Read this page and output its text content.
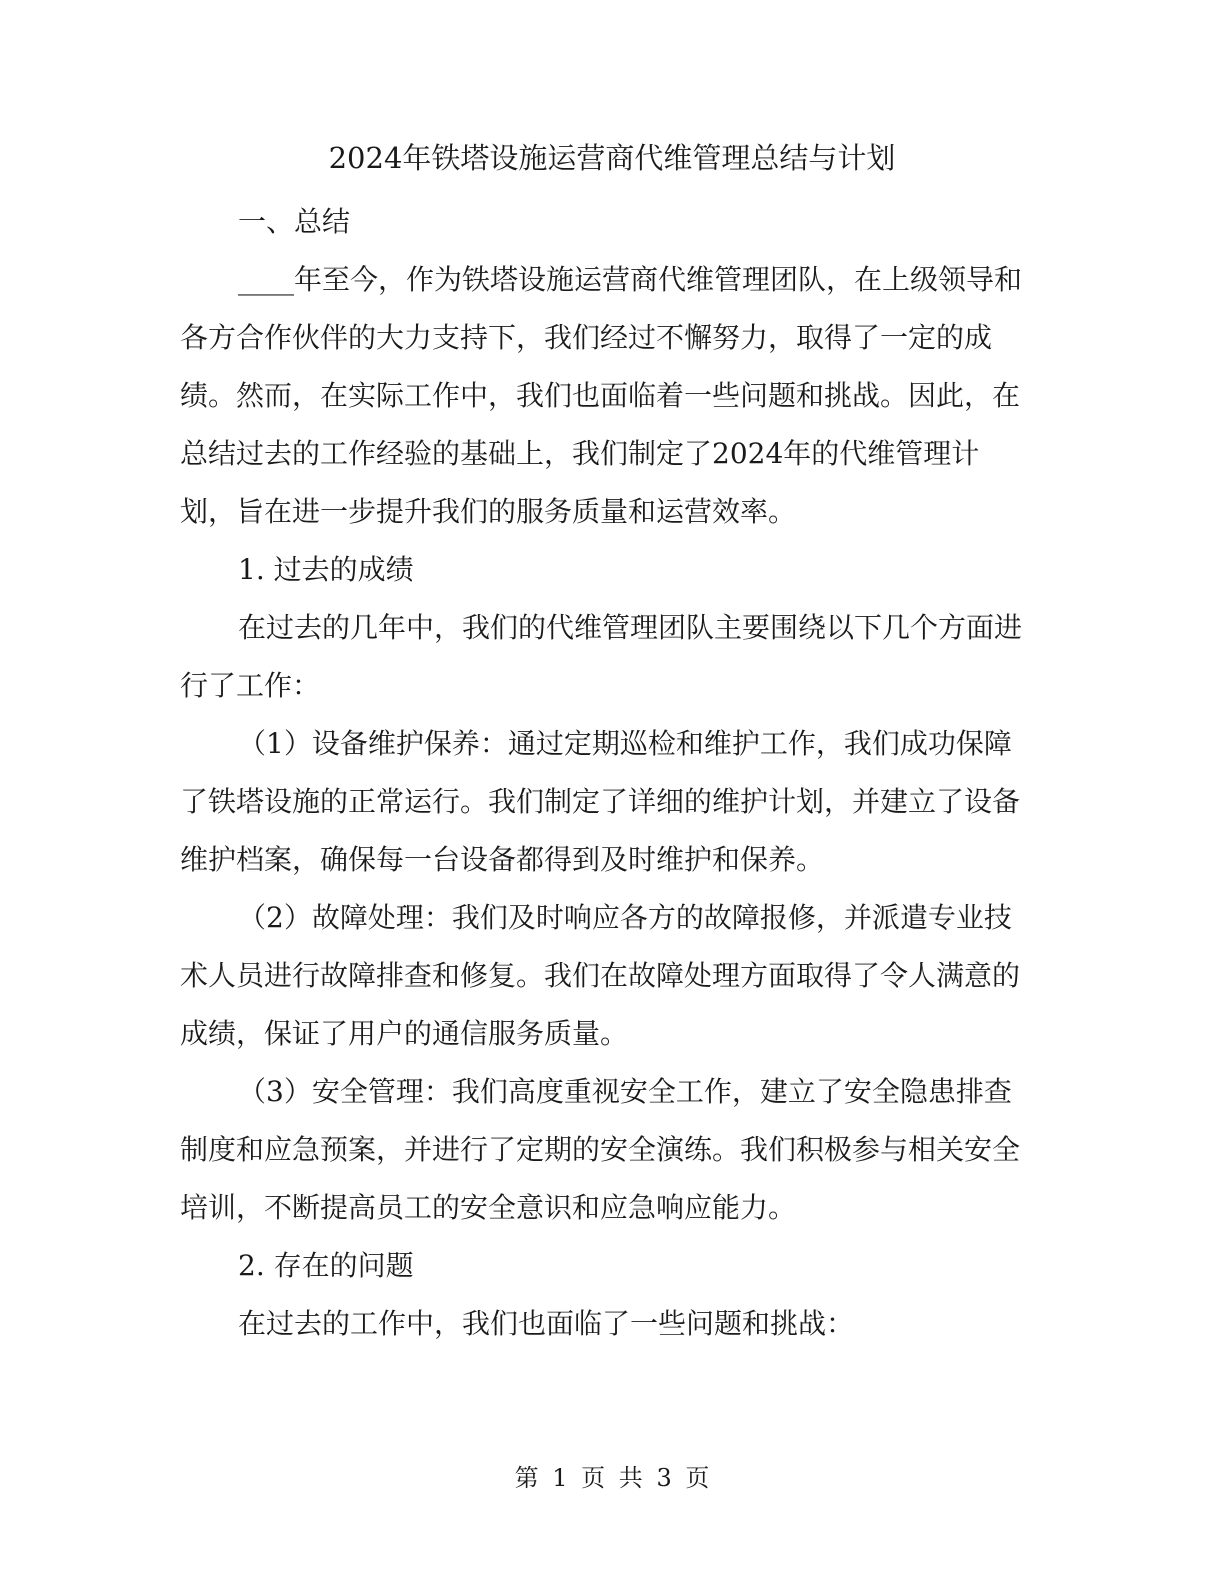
2024年铁塔设施运营商代维管理总结与计划

一、总结

____年至今，作为铁塔设施运营商代维管理团队，在上级领导和各方合作伙伴的大力支持下，我们经过不懈努力，取得了一定的成绩。然而，在实际工作中，我们也面临着一些问题和挑战。因此，在总结过去的工作经验的基础上，我们制定了2024年的代维管理计划，旨在进一步提升我们的服务质量和运营效率。

1. 过去的成绩

在过去的几年中，我们的代维管理团队主要围绕以下几个方面进行了工作：

（1）设备维护保养：通过定期巡检和维护工作，我们成功保障了铁塔设施的正常运行。我们制定了详细的维护计划，并建立了设备维护档案，确保每一台设备都得到及时维护和保养。

（2）故障处理：我们及时响应各方的故障报修，并派遣专业技术人员进行故障排查和修复。我们在故障处理方面取得了令人满意的成绩，保证了用户的通信服务质量。

（3）安全管理：我们高度重视安全工作，建立了安全隐患排查制度和应急预案，并进行了定期的安全演练。我们积极参与相关安全培训，不断提高员工的安全意识和应急响应能力。

2. 存在的问题

在过去的工作中，我们也面临了一些问题和挑战：

第 1 页 共 3 页
